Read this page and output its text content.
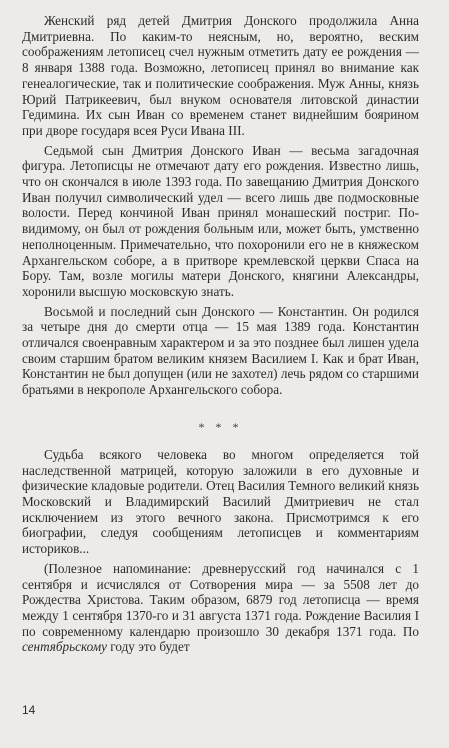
Женский ряд детей Дмитрия Донского продолжила Анна Дмитриевна. По каким-то неясным, но, вероятно, веским соображениям летописец счел нужным отметить дату ее рождения — 8 января 1388 года. Возможно, летописец принял во внимание как генеалогические, так и политические соображения. Муж Анны, князь Юрий Патрикеевич, был внуком основателя литовской династии Гедимина. Их сын Иван со временем станет виднейшим боярином при дворе государя всея Руси Ивана III.

Седьмой сын Дмитрия Донского Иван — весьма загадочная фигура. Летописцы не отмечают дату его рождения. Известно лишь, что он скончался в июле 1393 года. По завещанию Дмитрия Донского Иван получил символический удел — всего лишь две подмосковные волости. Перед кончиной Иван принял монашеский постриг. По-видимому, он был от рождения больным или, может быть, умственно неполноценным. Примечательно, что похоронили его не в княжеском Архангельском соборе, а в притворе кремлевской церкви Спаса на Бору. Там, возле могилы матери Донского, княгини Александры, хоронили высшую московскую знать.

Восьмой и последний сын Донского — Константин. Он родился за четыре дня до смерти отца — 15 мая 1389 года. Константин отличался своенравным характером и за это позднее был лишен удела своим старшим братом великим князем Василием I. Как и брат Иван, Константин не был допущен (или не захотел) лечь рядом со старшими братьями в некрополе Архангельского собора.

* * *

Судьба всякого человека во многом определяется той наследственной матрицей, которую заложили в его духовные и физические кладовые родители. Отец Василия Темного великий князь Московский и Владимирский Василий Дмитриевич не стал исключением из этого вечного закона. Присмотримся к его биографии, следуя сообщениям летописцев и комментариям историков...

(Полезное напоминание: древнерусский год начинался с 1 сентября и исчислялся от Сотворения мира — за 5508 лет до Рождества Христова. Таким образом, 6879 год летописца — время между 1 сентября 1370-го и 31 августа 1371 года. Рождение Василия I по современному календарю произошло 30 декабря 1371 года. По сентябрьскому году это будет

14
